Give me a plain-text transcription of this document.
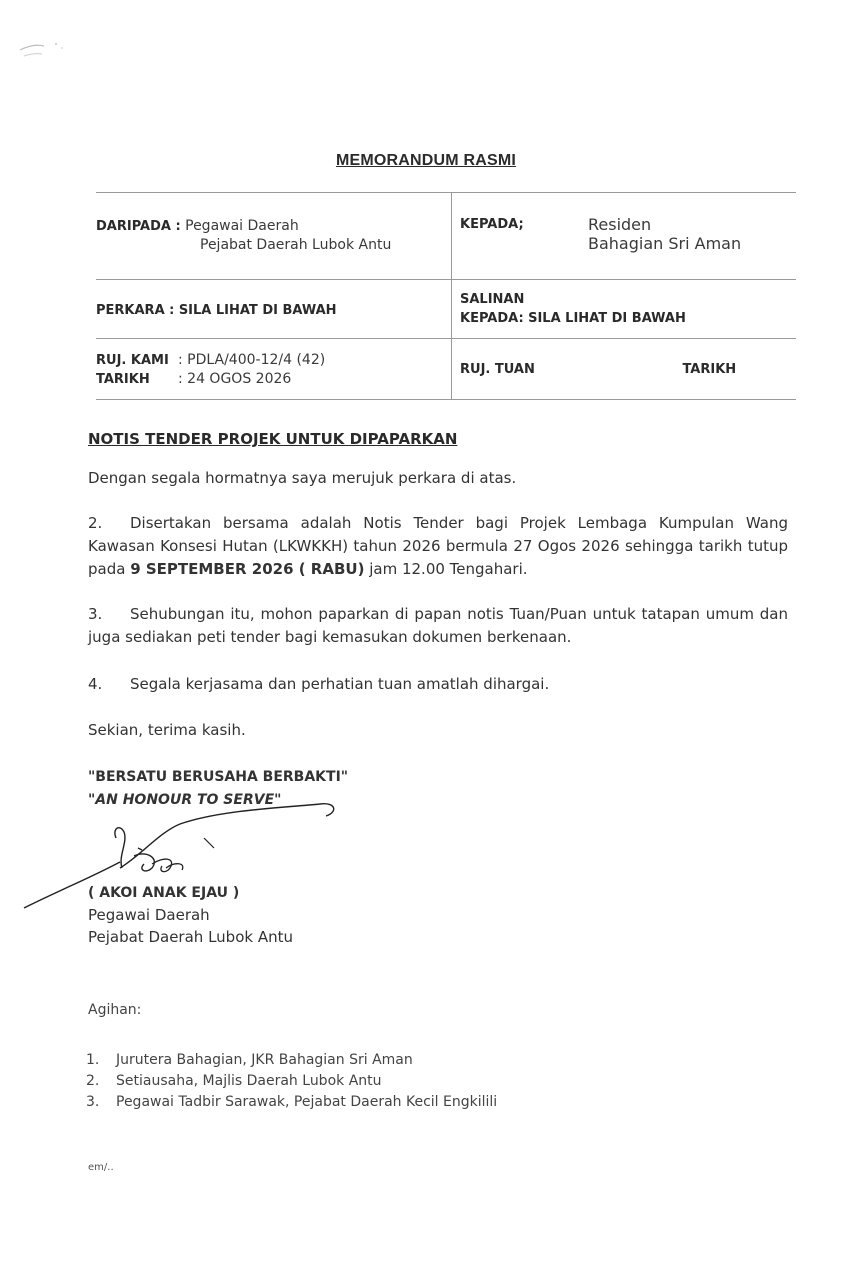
MEMORANDUM RASMI
DARIPADA : Pegawai Daerah
Pejabat Daerah Lubok Antu
KEPADA;	Residen
Bahagian Sri Aman
PERKARA : SILA LIHAT DI BAWAH
SALINAN
KEPADA: SILA LIHAT DI BAWAH
RUJ. KAMI : PDLA/400-12/4 (42)
TARIKH : 24 OGOS 2026
RUJ. TUAN	TARIKH
NOTIS TENDER PROJEK UNTUK DIPAPARKAN
Dengan segala hormatnya saya merujuk perkara di atas.
2. Disertakan bersama adalah Notis Tender bagi Projek Lembaga Kumpulan Wang Kawasan Konsesi Hutan (LKWKKH) tahun 2026 bermula 27 Ogos 2026 sehingga tarikh tutup pada 9 SEPTEMBER 2026 ( RABU) jam 12.00 Tengahari.
3. Sehubungan itu, mohon paparkan di papan notis Tuan/Puan untuk tatapan umum dan juga sediakan peti tender bagi kemasukan dokumen berkenaan.
4. Segala kerjasama dan perhatian tuan amatlah dihargai.
Sekian, terima kasih.
"BERSATU BERUSAHA BERBAKTI"
"AN HONOUR TO SERVE"
( AKOI ANAK EJAU )
Pegawai Daerah
Pejabat Daerah Lubok Antu
Agihan:
1. Jurutera Bahagian, JKR Bahagian Sri Aman
2. Setiausaha, Majlis Daerah Lubok Antu
3. Pegawai Tadbir Sarawak, Pejabat Daerah Kecil Engkilili
em/..
